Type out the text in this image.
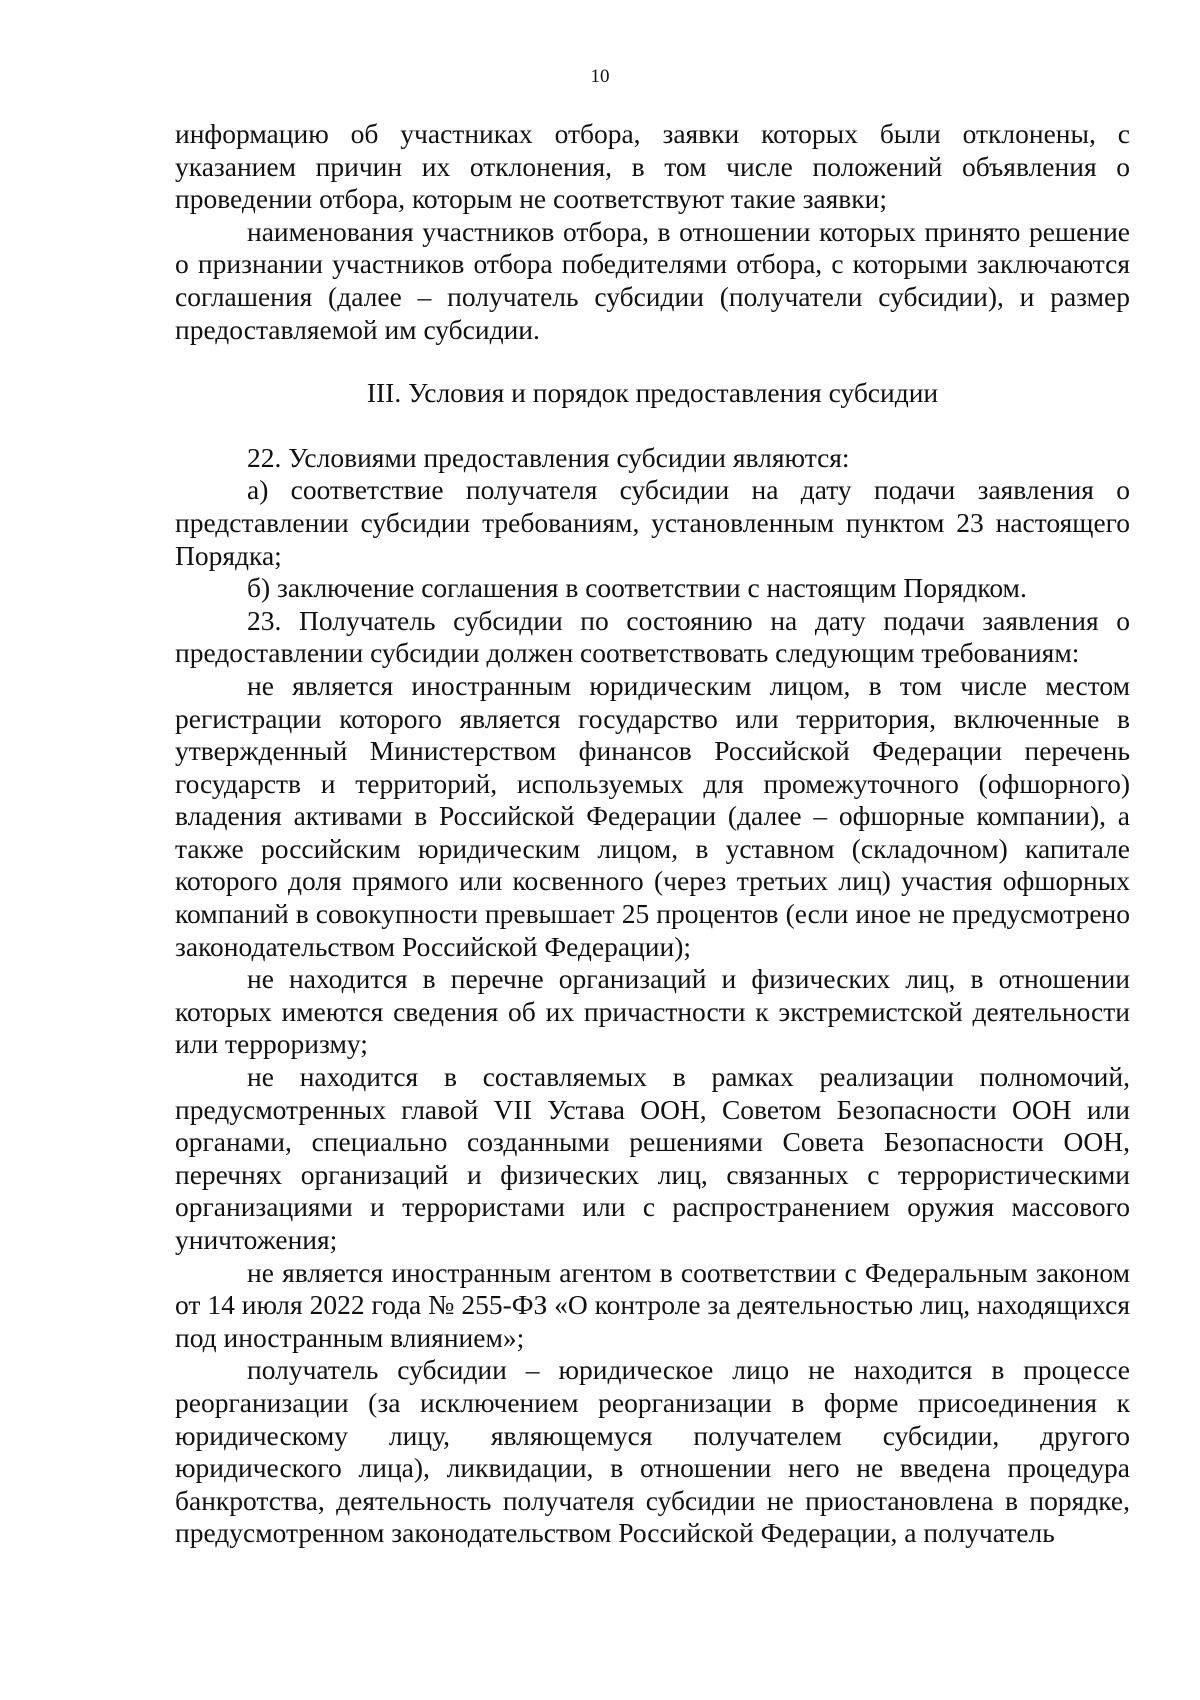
10

информацию об участниках отбора, заявки которых были отклонены, с указанием причин их отклонения, в том числе положений объявления о проведении отбора, которым не соответствуют такие заявки;

наименования участников отбора, в отношении которых принято решение о признании участников отбора победителями отбора, с которыми заключаются соглашения (далее – получатель субсидии (получатели субсидии), и размер предоставляемой им субсидии.

III. Условия и порядок предоставления субсидии

22. Условиями предоставления субсидии являются:

а) соответствие получателя субсидии на дату подачи заявления о представлении субсидии требованиям, установленным пунктом 23 настоящего Порядка;

б) заключение соглашения в соответствии с настоящим Порядком.

23. Получатель субсидии по состоянию на дату подачи заявления о предоставлении субсидии должен соответствовать следующим требованиям:

не является иностранным юридическим лицом, в том числе местом регистрации которого является государство или территория, включенные в утвержденный Министерством финансов Российской Федерации перечень государств и территорий, используемых для промежуточного (офшорного) владения активами в Российской Федерации (далее – офшорные компании), а также российским юридическим лицом, в уставном (складочном) капитале которого доля прямого или косвенного (через третьих лиц) участия офшорных компаний в совокупности превышает 25 процентов (если иное не предусмотрено законодательством Российской Федерации);

не находится в перечне организаций и физических лиц, в отношении которых имеются сведения об их причастности к экстремистской деятельности или терроризму;

не находится в составляемых в рамках реализации полномочий, предусмотренных главой VII Устава ООН, Советом Безопасности ООН или органами, специально созданными решениями Совета Безопасности ООН, перечнях организаций и физических лиц, связанных с террористическими организациями и террористами или с распространением оружия массового уничтожения;

не является иностранным агентом в соответствии с Федеральным законом от 14 июля 2022 года № 255-ФЗ «О контроле за деятельностью лиц, находящихся под иностранным влиянием»;

получатель субсидии – юридическое лицо не находится в процессе реорганизации (за исключением реорганизации в форме присоединения к юридическому лицу, являющемуся получателем субсидии, другого юридического лица), ликвидации, в отношении него не введена процедура банкротства, деятельность получателя субсидии не приостановлена в порядке, предусмотренном законодательством Российской Федерации, а получатель
